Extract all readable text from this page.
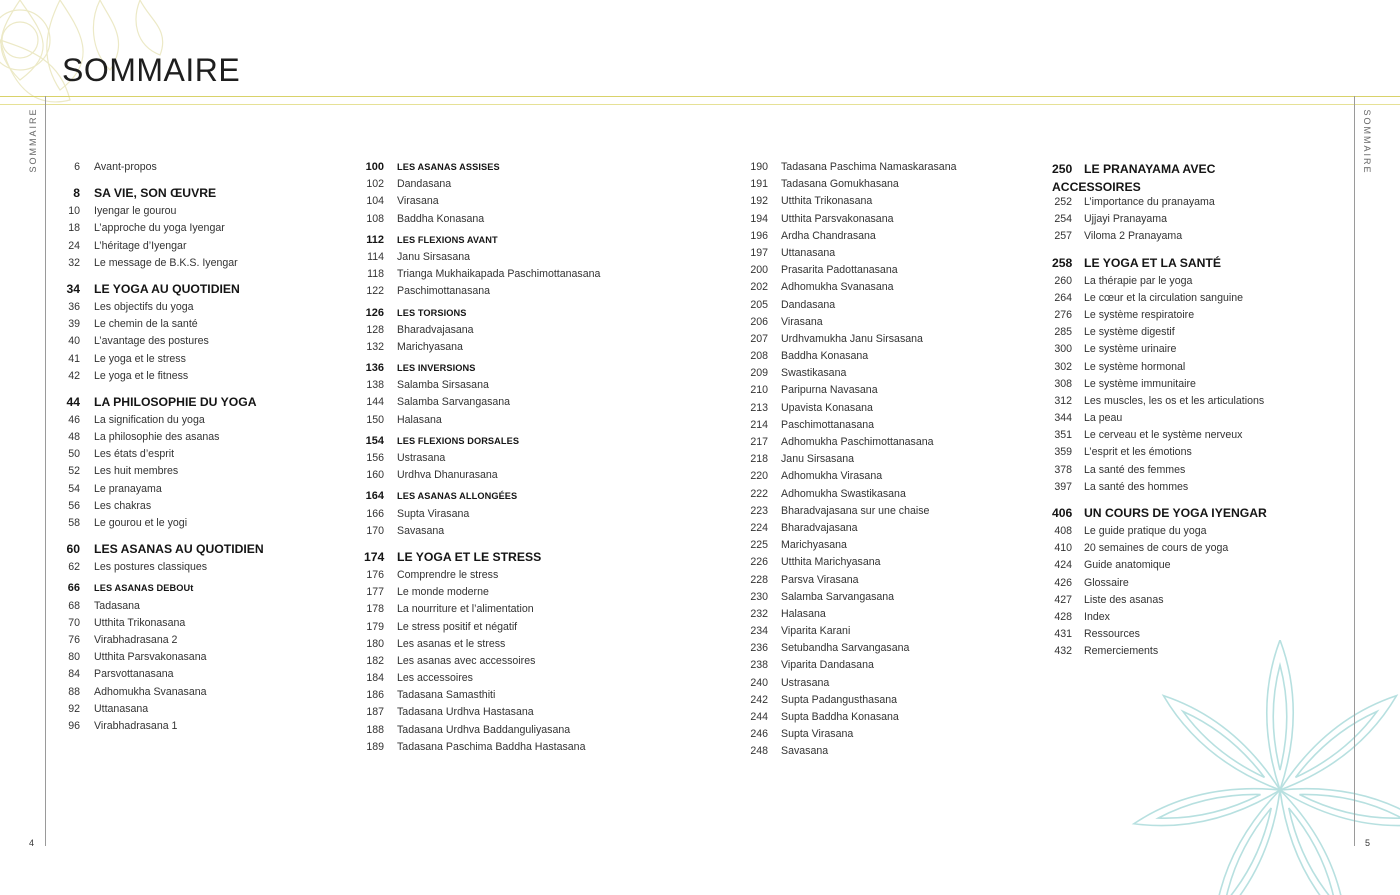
SOMMAIRE
SOMMAIRE	SOMMAIRE
4	5
6 Avant-propos
8 SA VIE, SON ŒUVRE
10 Iyengar le gourou
18 L’approche du yoga Iyengar
24 L’héritage d’Iyengar
32 Le message de B.K.S. Iyengar
34 LE YOGA AU QUOTIDIEN
36 Les objectifs du yoga
39 Le chemin de la santé
40 L’avantage des postures
41 Le yoga et le stress
42 Le yoga et le fitness
44 LA PHILOSOPHIE DU YOGA
46 La signification du yoga
48 La philosophie des asanas
50 Les états d’esprit
52 Les huit membres
54 Le pranayama
56 Les chakras
58 Le gourou et le yogi
60 LES ASANAS AU QUOTIDIEN
62 Les postures classiques
66 LES ASANAS DEBOUt
68 Tadasana
70 Utthita Trikonasana
76 Virabhadrasana 2
80 Utthita Parsvakonasana
84 Parsvottanasana
88 Adhomukha Svanasana
92 Uttanasana
96 Virabhadrasana 1
100 LES ASANAS ASSISES
102 Dandasana
104 Virasana
108 Baddha Konasana
112 LES FLEXIONS AVANT
114 Janu Sirsasana
118 Trianga Mukhaikapada Paschimottanasana
122 Paschimottanasana
126 LES TORSIONS
128 Bharadvajasana
132 Marichyasana
136 LES INVERSIONS
138 Salamba Sirsasana
144 Salamba Sarvangasana
150 Halasana
154 LES FLEXIONS DORSALES
156 Ustrasana
160 Urdhva Dhanurasana
164 LES ASANAS ALLONGÉES
166 Supta Virasana
170 Savasana
174 LE YOGA ET LE STRESS
176 Comprendre le stress
177 Le monde moderne
178 La nourriture et l’alimentation
179 Le stress positif et négatif
180 Les asanas et le stress
182 Les asanas avec accessoires
184 Les accessoires
186 Tadasana Samasthiti
187 Tadasana Urdhva Hastasana
188 Tadasana Urdhva Baddanguliyasana
189 Tadasana Paschima Baddha Hastasana
190 Tadasana Paschima Namaskarasana
191 Tadasana Gomukhasana
192 Utthita Trikonasana
194 Utthita Parsvakonasana
196 Ardha Chandrasana
197 Uttanasana
200 Prasarita Padottanasana
202 Adhomukha Svanasana
205 Dandasana
206 Virasana
207 Urdhvamukha Janu Sirsasana
208 Baddha Konasana
209 Swastikasana
210 Paripurna Navasana
213 Upavista Konasana
214 Paschimottanasana
217 Adhomukha Paschimottanasana
218 Janu Sirsasana
220 Adhomukha Virasana
222 Adhomukha Swastikasana
223 Bharadvajasana sur une chaise
224 Bharadvajasana
225 Marichyasana
226 Utthita Marichyasana
228 Parsva Virasana
230 Salamba Sarvangasana
232 Halasana
234 Viparita Karani
236 Setubandha Sarvangasana
238 Viparita Dandasana
240 Ustrasana
242 Supta Padangusthasana
244 Supta Baddha Konasana
246 Supta Virasana
248 Savasana
250 LE PRANAYAMA AVEC
ACCESSOIRES
252 L’importance du pranayama
254 Ujjayi Pranayama
257 Viloma 2 Pranayama
258 LE YOGA ET LA SANTÉ
260 La thérapie par le yoga
264 Le cœur et la circulation sanguine
276 Le système respiratoire
285 Le système digestif
300 Le système urinaire
302 Le système hormonal
308 Le système immunitaire
312 Les muscles, les os et les articulations
344 La peau
351 Le cerveau et le système nerveux
359 L’esprit et les émotions
378 La santé des femmes
397 La santé des hommes
406 UN COURS DE YOGA IYENGAR
408 Le guide pratique du yoga
410 20 semaines de cours de yoga
424 Guide anatomique
426 Glossaire
427 Liste des asanas
428 Index
431 Ressources
432 Remerciements
